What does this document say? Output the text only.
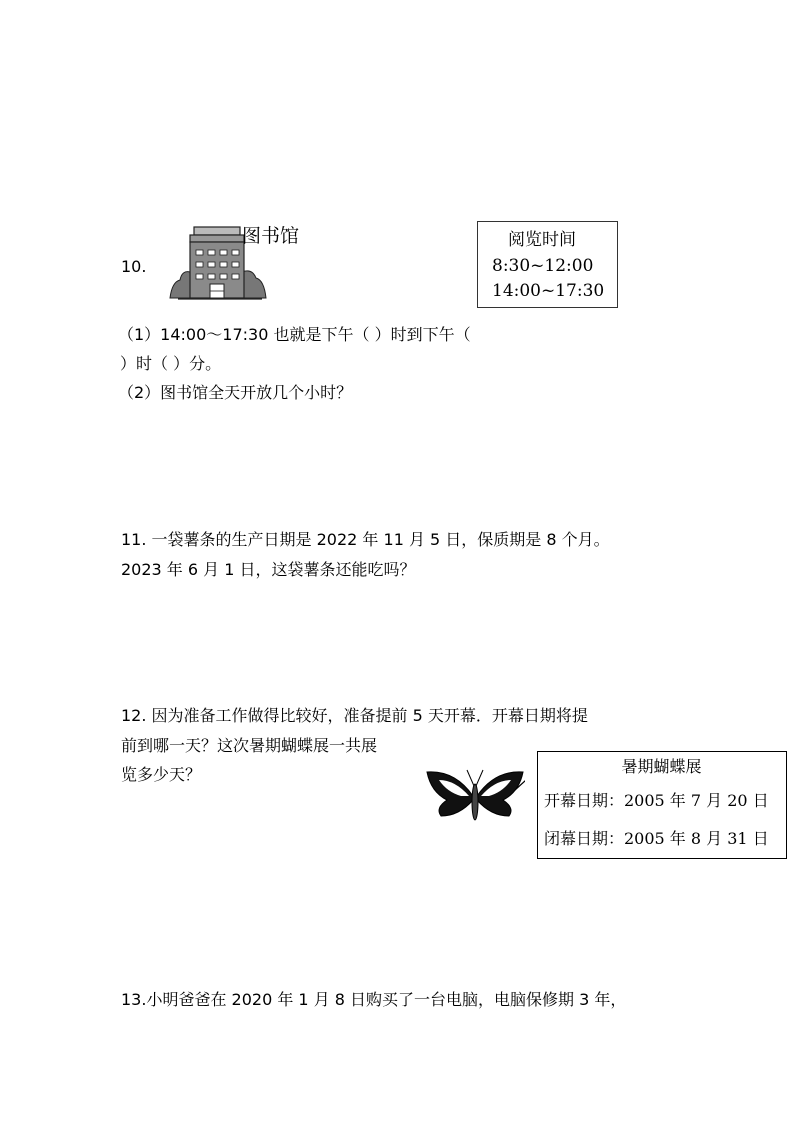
10.
图书馆	阅览时间
8:30~12:00
14:00~17:30
（1）14:00～17:30 也就是下午（ ）时到下午（
）时（ ）分。
（2）图书馆全天开放几个小时？
11. 一袋薯条的生产日期是 2022 年 11 月 5 日，保质期是 8 个月。
2023 年 6 月 1 日，这袋薯条还能吃吗？
12. 因为准备工作做得比较好，准备提前 5 天开幕．开幕日期将提
前到哪一天？这次暑期蝴蝶展一共展
览多少天？	暑期蝴蝶展
开幕日期：2005 年 7 月 20 日
闭幕日期：2005 年 8 月 31 日
13.小明爸爸在 2020 年 1 月 8 日购买了一台电脑，电脑保修期 3 年，
